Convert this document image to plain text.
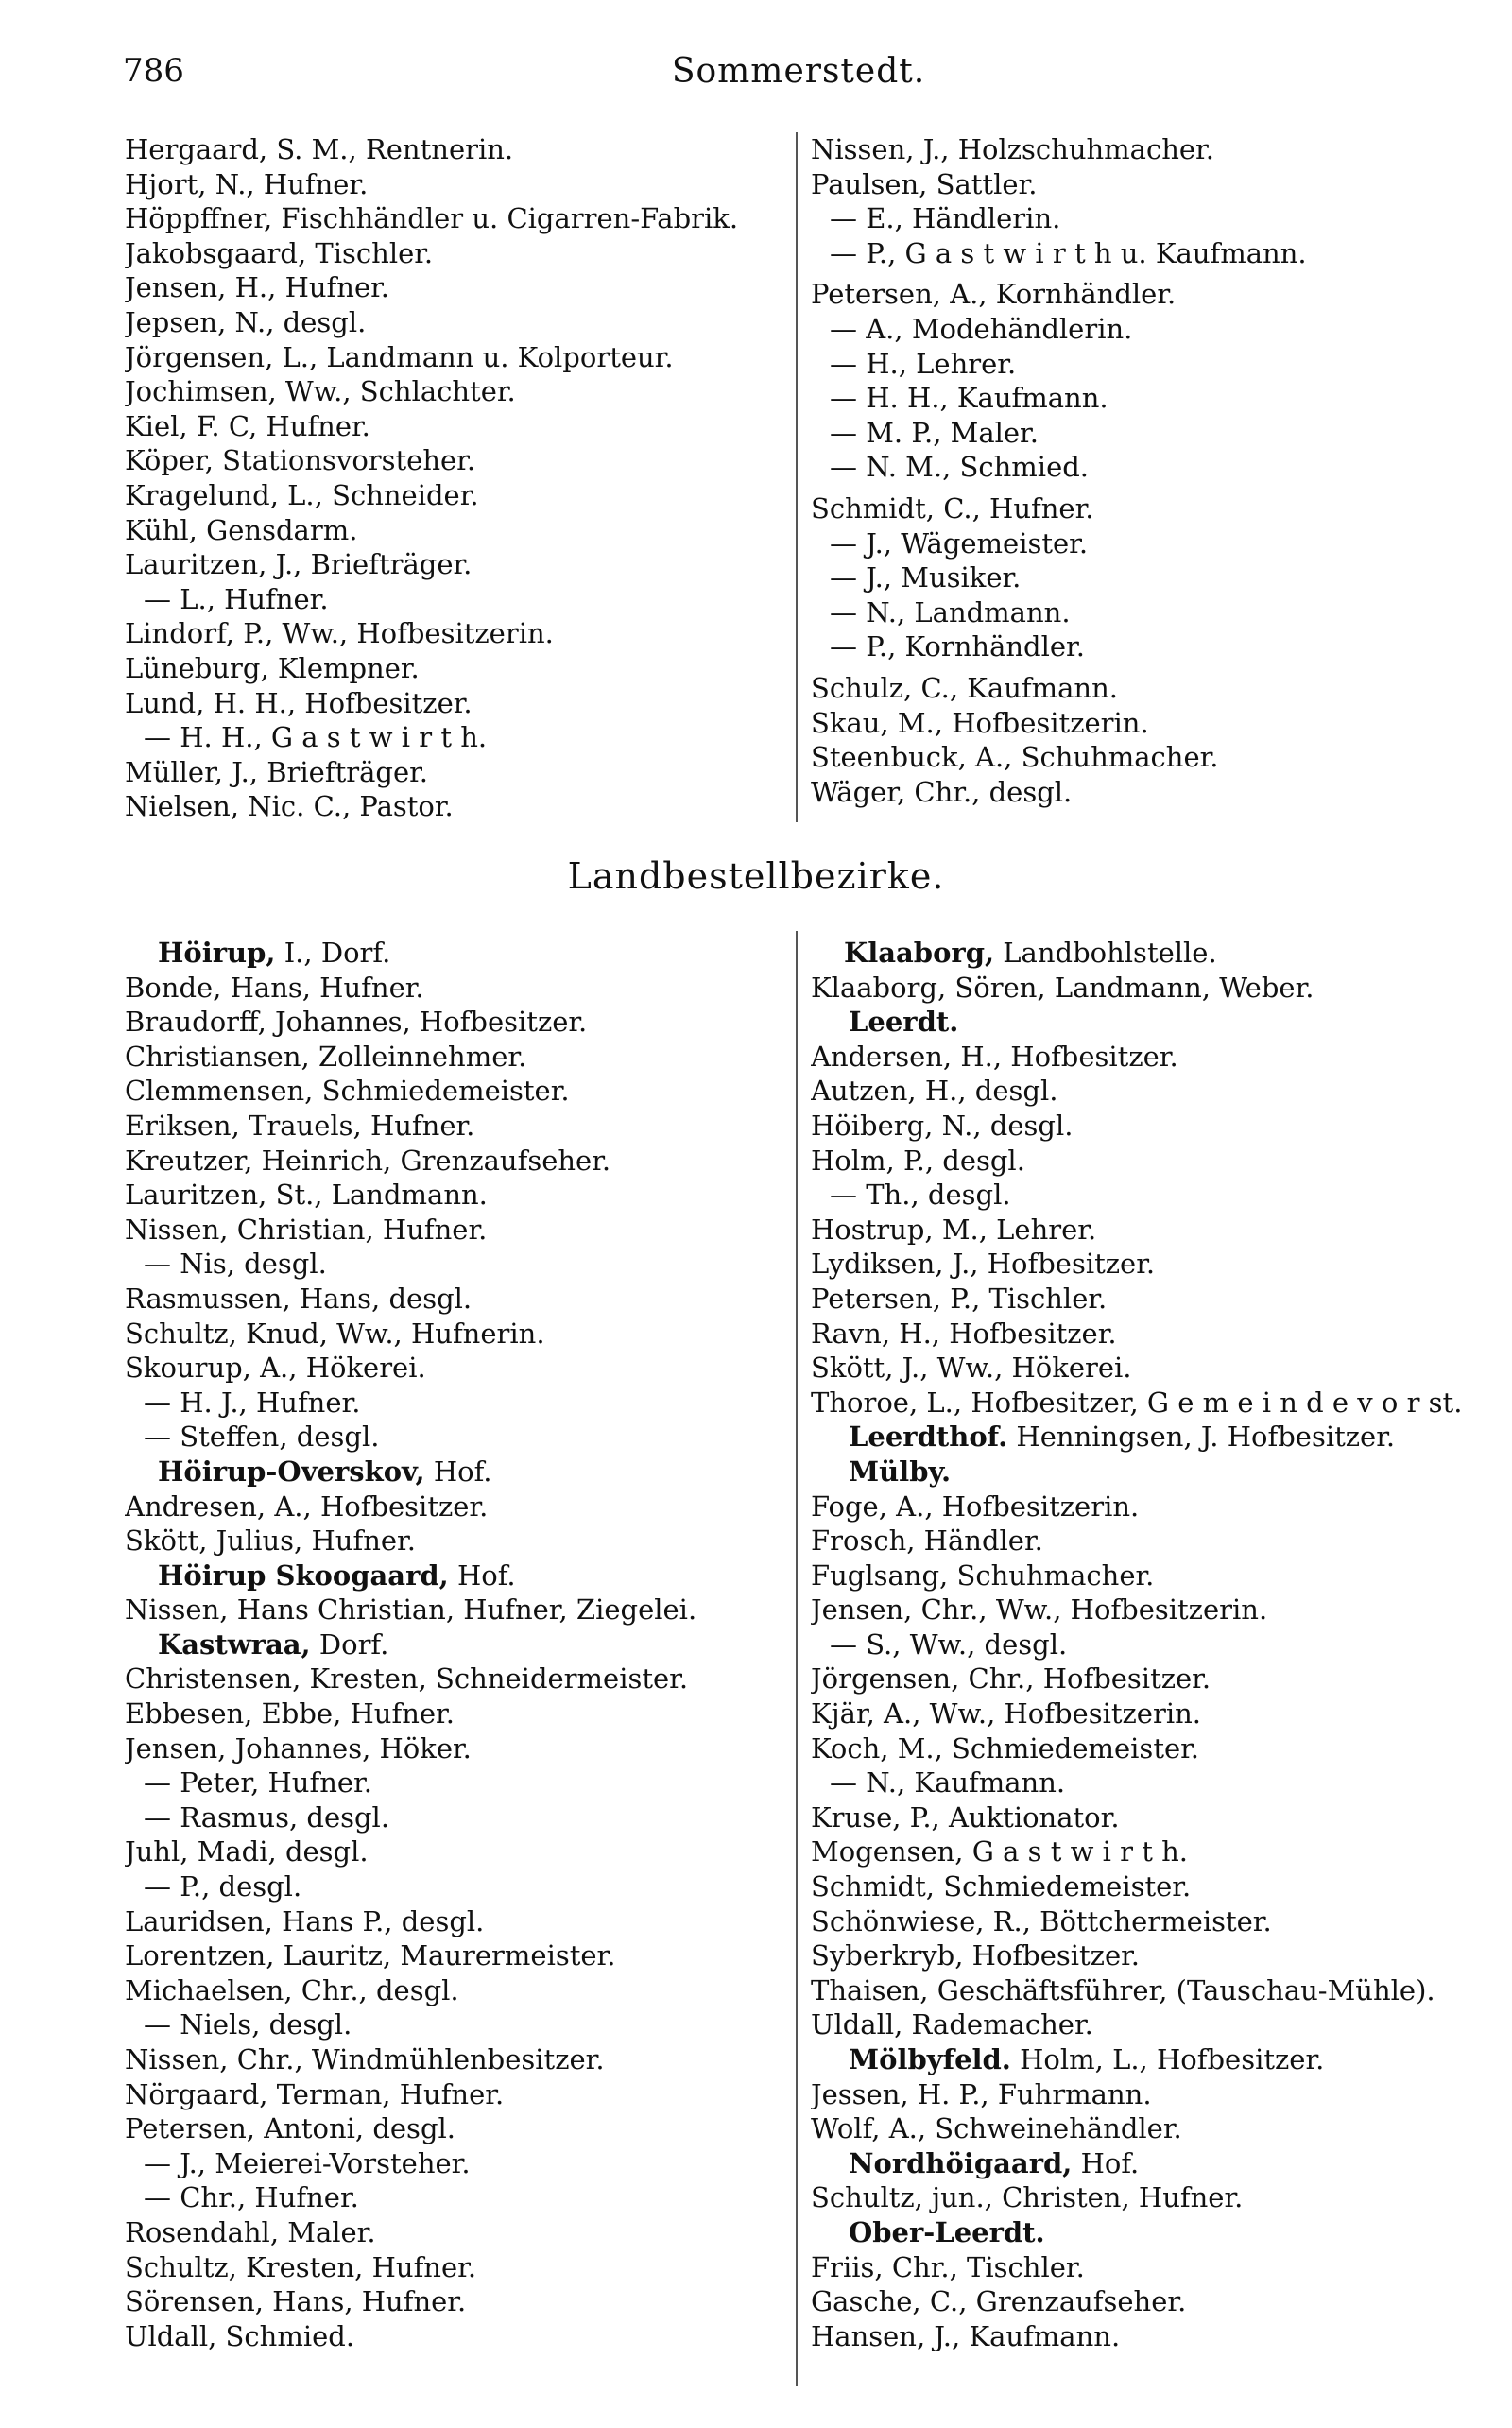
786	Sommerstedt.
Hergaard, S. M., Rentnerin.
Hjort, N., Hufner.
Höppffner, Fischhändler u. Cigarren-Fabrik.
Jakobsgaard, Tischler.
Jensen, H., Hufner.
Jepsen, N., desgl.
Jörgensen, L., Landmann u. Kolporteur.
Jochimsen, Ww., Schlachter.
Kiel, F. C, Hufner.
Köper, Stationsvorsteher.
Kragelund, L., Schneider.
Kühl, Gensdarm.
Lauritzen, J., Briefträger.
— L., Hufner.
Lindorf, P., Ww., Hofbesitzerin.
Lüneburg, Klempner.
Lund, H. H., Hofbesitzer.
— H. H., G a s t w i r t h.
Müller, J., Briefträger.
Nielsen, Nic. C., Pastor.
Nissen, J., Holzschuhmacher.
Paulsen, Sattler.
— E., Händlerin.
— P., G a s t w i r t h u. Kaufmann.
Petersen, A., Kornhändler.
— A., Modehändlerin.
— H., Lehrer.
— H. H., Kaufmann.
— M. P., Maler.
— N. M., Schmied.
Schmidt, C., Hufner.
— J., Wägemeister.
— J., Musiker.
— N., Landmann.
— P., Kornhändler.
Schulz, C., Kaufmann.
Skau, M., Hofbesitzerin.
Steenbuck, A., Schuhmacher.
Wäger, Chr., desgl.
Landbestellbezirke.
Höirup, I., Dorf.
Bonde, Hans, Hufner.
Braudorff, Johannes, Hofbesitzer.
Christiansen, Zolleinnehmer.
Clemmensen, Schmiedemeister.
Eriksen, Trauels, Hufner.
Kreutzer, Heinrich, Grenzaufseher.
Lauritzen, St., Landmann.
Nissen, Christian, Hufner.
— Nis, desgl.
Rasmussen, Hans, desgl.
Schultz, Knud, Ww., Hufnerin.
Skourup, A., Hökerei.
— H. J., Hufner.
— Steffen, desgl.
Höirup-Overskov, Hof.
Andresen, A., Hofbesitzer.
Skött, Julius, Hufner.
Höirup Skoogaard, Hof.
Nissen, Hans Christian, Hufner, Ziegelei.
Kastwraa, Dorf.
Christensen, Kresten, Schneidermeister.
Ebbesen, Ebbe, Hufner.
Jensen, Johannes, Höker.
— Peter, Hufner.
— Rasmus, desgl.
Juhl, Madi, desgl.
— P., desgl.
Lauridsen, Hans P., desgl.
Lorentzen, Lauritz, Maurermeister.
Michaelsen, Chr., desgl.
— Niels, desgl.
Nissen, Chr., Windmühlenbesitzer.
Nörgaard, Terman, Hufner.
Petersen, Antoni, desgl.
— J., Meierei-Vorsteher.
— Chr., Hufner.
Rosendahl, Maler.
Schultz, Kresten, Hufner.
Sörensen, Hans, Hufner.
Uldall, Schmied.
Klaaborg, Landbohlstelle.
Klaaborg, Sören, Landmann, Weber.
Leerdt.
Andersen, H., Hofbesitzer.
Autzen, H., desgl.
Höiberg, N., desgl.
Holm, P., desgl.
— Th., desgl.
Hostrup, M., Lehrer.
Lydiksen, J., Hofbesitzer.
Petersen, P., Tischler.
Ravn, H., Hofbesitzer.
Skött, J., Ww., Hökerei.
Thoroe, L., Hofbesitzer, G e m e i n d e v o r st.
Leerdthof. Henningsen, J. Hofbesitzer.
Mülby.
Foge, A., Hofbesitzerin.
Frosch, Händler.
Fuglsang, Schuhmacher.
Jensen, Chr., Ww., Hofbesitzerin.
— S., Ww., desgl.
Jörgensen, Chr., Hofbesitzer.
Kjär, A., Ww., Hofbesitzerin.
Koch, M., Schmiedemeister.
— N., Kaufmann.
Kruse, P., Auktionator.
Mogensen, G a s t w i r t h.
Schmidt, Schmiedemeister.
Schönwiese, R., Böttchermeister.
Syberkryb, Hofbesitzer.
Thaisen, Geschäftsführer, (Tauschau-Mühle).
Uldall, Rademacher.
Mölbyfeld. Holm, L., Hofbesitzer.
Jessen, H. P., Fuhrmann.
Wolf, A., Schweinehändler.
Nordhöigaard, Hof.
Schultz, jun., Christen, Hufner.
Ober-Leerdt.
Friis, Chr., Tischler.
Gasche, C., Grenzaufseher.
Hansen, J., Kaufmann.
